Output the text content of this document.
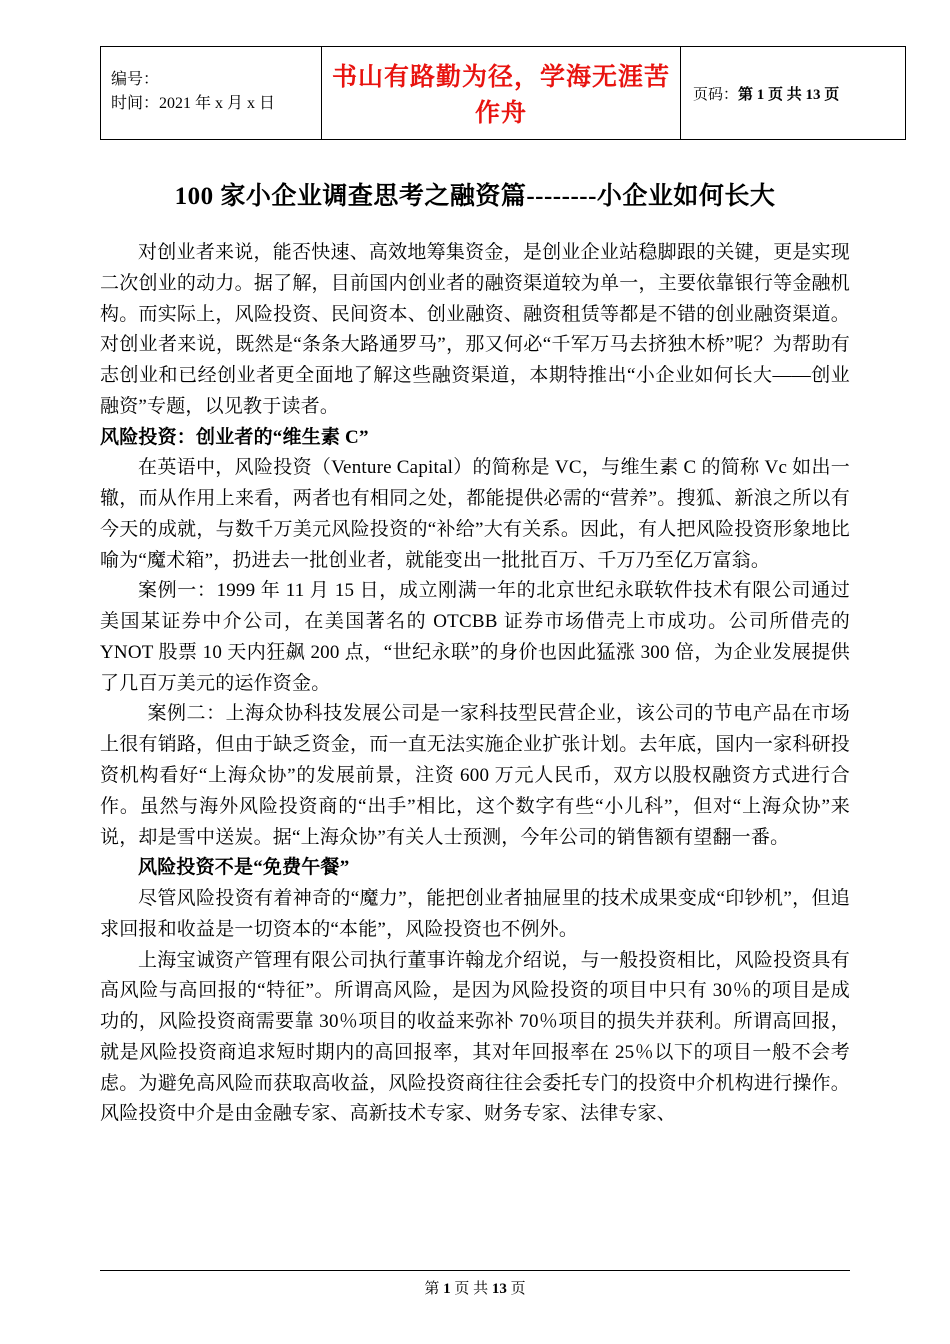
编号：
时间：2021 年 x 月 x 日
	书山有路勤为径，学海无涯苦作舟	页码：第 1 页 共 13 页
100 家小企业调查思考之融资篇--------小企业如何长大

对创业者来说，能否快速、高效地筹集资金，是创业企业站稳脚跟的关键，更是实现二次创业的动力。据了解，目前国内创业者的融资渠道较为单一，主要依靠银行等金融机构。而实际上，风险投资、民间资本、创业融资、融资租赁等都是不错的创业融资渠道。对创业者来说，既然是“条条大路通罗马”，那又何必“千军万马去挤独木桥”呢？为帮助有志创业和已经创业者更全面地了解这些融资渠道，本期特推出“小企业如何长大——创业融资”专题，以见教于读者。

风险投资：创业者的“维生素 C”

在英语中，风险投资（Venture Capital）的简称是 VC，与维生素 C 的简称 Vc 如出一辙，而从作用上来看，两者也有相同之处，都能提供必需的“营养”。搜狐、新浪之所以有今天的成就，与数千万美元风险投资的“补给”大有关系。因此，有人把风险投资形象地比喻为“魔术箱”，扔进去一批创业者，就能变出一批批百万、千万乃至亿万富翁。

案例一：1999 年 11 月 15 日，成立刚满一年的北京世纪永联软件技术有限公司通过美国某证券中介公司，在美国著名的 OTCBB 证券市场借壳上市成功。公司所借壳的 YNOT 股票 10 天内狂飙 200 点，“世纪永联”的身价也因此猛涨 300 倍，为企业发展提供了几百万美元的运作资金。

案例二：上海众协科技发展公司是一家科技型民营企业，该公司的节电产品在市场上很有销路，但由于缺乏资金，而一直无法实施企业扩张计划。去年底，国内一家科研投资机构看好“上海众协”的发展前景，注资 600 万元人民币，双方以股权融资方式进行合作。虽然与海外风险投资商的“出手”相比，这个数字有些“小儿科”，但对“上海众协”来说，却是雪中送炭。据“上海众协”有关人士预测，今年公司的销售额有望翻一番。

风险投资不是“免费午餐”

尽管风险投资有着神奇的“魔力”，能把创业者抽屉里的技术成果变成“印钞机”，但追求回报和收益是一切资本的“本能”，风险投资也不例外。

上海宝诚资产管理有限公司执行董事许翰龙介绍说，与一般投资相比，风险投资具有高风险与高回报的“特征”。所谓高风险，是因为风险投资的项目中只有 30％的项目是成功的，风险投资商需要靠 30％项目的收益来弥补 70％项目的损失并获利。所谓高回报，就是风险投资商追求短时期内的高回报率，其对年回报率在 25％以下的项目一般不会考虑。为避免高风险而获取高收益，风险投资商往往会委托专门的投资中介机构进行操作。风险投资中介是由金融专家、高新技术专家、财务专家、法律专家、

第 1 页 共 13 页
